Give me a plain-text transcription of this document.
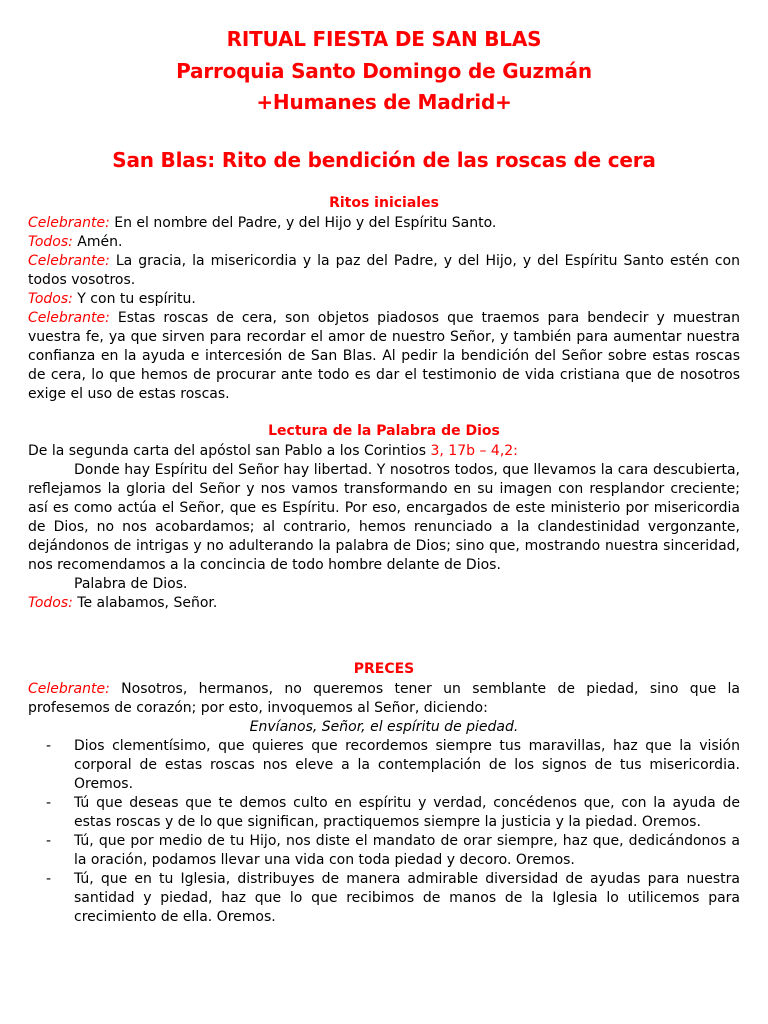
RITUAL FIESTA DE SAN BLAS
Parroquia Santo Domingo de Guzmán
+Humanes de Madrid+
San Blas: Rito de bendición de las roscas de cera
Ritos iniciales

Celebrante: En el nombre del Padre, y del Hijo y del Espíritu Santo.

Todos: Amén.

Celebrante: La gracia, la misericordia y la paz del Padre, y del Hijo, y del Espíritu Santo estén con todos vosotros.

Todos: Y con tu espíritu.

Celebrante: Estas roscas de cera, son objetos piadosos que traemos para bendecir y muestran vuestra fe, ya que sirven para recordar el amor de nuestro Señor, y también para aumentar nuestra confianza en la ayuda e intercesión de San Blas. Al pedir la bendición del Señor sobre estas roscas de cera, lo que hemos de procurar ante todo es dar el testimonio de vida cristiana que de nosotros exige el uso de estas roscas.

Lectura de la Palabra de Dios

De la segunda carta del apóstol san Pablo a los Corintios 3, 17b – 4,2:

Donde hay Espíritu del Señor hay libertad. Y nosotros todos, que llevamos la cara descubierta, reflejamos la gloria del Señor y nos vamos transformando en su imagen con resplandor creciente; así es como actúa el Señor, que es Espíritu. Por eso, encargados de este ministerio por misericordia de Dios, no nos acobardamos; al contrario, hemos renunciado a la clandestinidad vergonzante, dejándonos de intrigas y no adulterando la palabra de Dios; sino que, mostrando nuestra sinceridad, nos recomendamos a la concincia de todo hombre delante de Dios.

Palabra de Dios.

Todos: Te alabamos, Señor.

PRECES

Celebrante: Nosotros, hermanos, no queremos tener un semblante de piedad, sino que la profesemos de corazón; por esto, invoquemos al Señor, diciendo:

Envíanos, Señor, el espíritu de piedad.

- Dios clementísimo, que quieres que recordemos siempre tus maravillas, haz que la visión corporal de estas roscas nos eleve a la contemplación de los signos de tus misericordia. Oremos.
- Tú que deseas que te demos culto en espíritu y verdad, concédenos que, con la ayuda de estas roscas y de lo que significan, practiquemos siempre la justicia y la piedad. Oremos.
- Tú, que por medio de tu Hijo, nos diste el mandato de orar siempre, haz que, dedicándonos a la oración, podamos llevar una vida con toda piedad y decoro. Oremos.
- Tú, que en tu Iglesia, distribuyes de manera admirable diversidad de ayudas para nuestra santidad y piedad, haz que lo que recibimos de manos de la Iglesia lo utilicemos para crecimiento de ella. Oremos.
